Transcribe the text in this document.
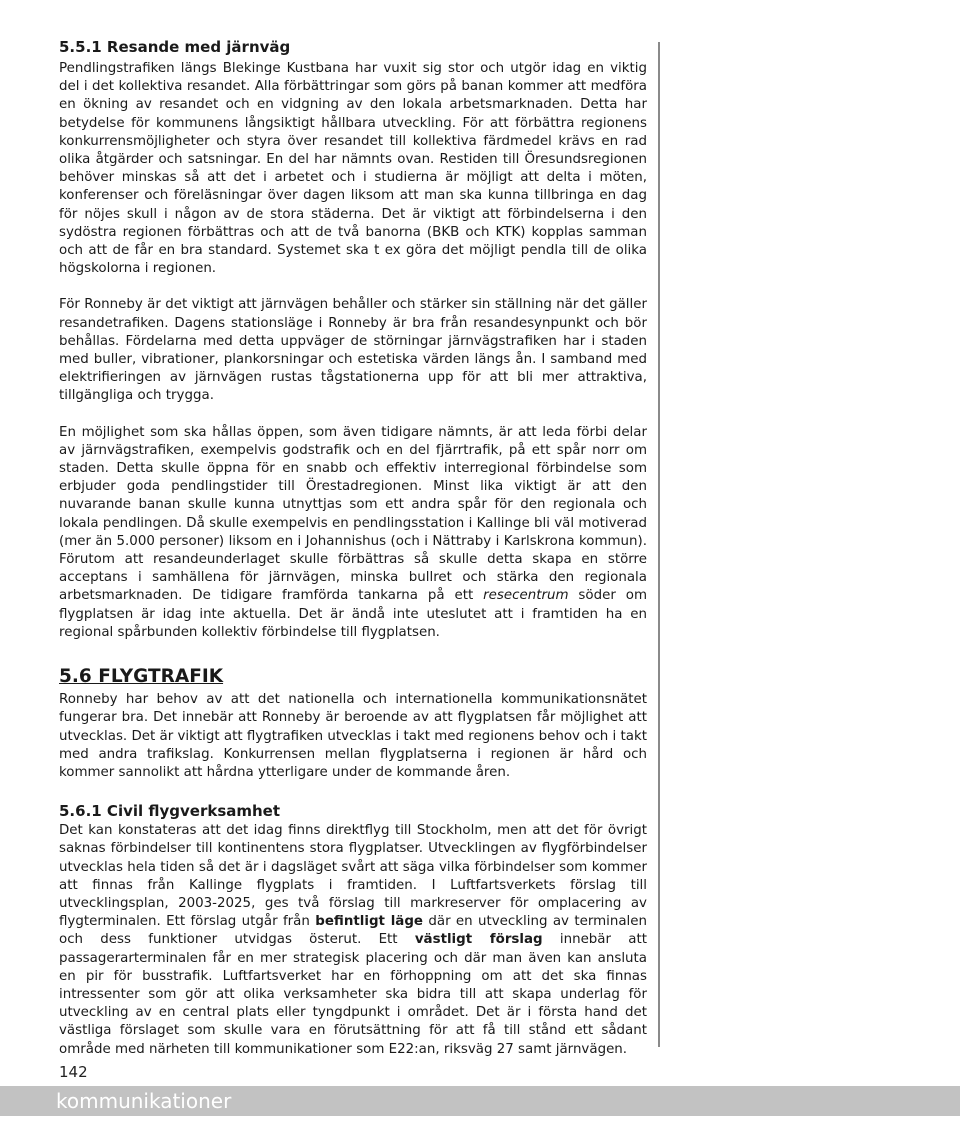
5.5.1 Resande med järnväg

Pendlingstrafiken längs Blekinge Kustbana har vuxit sig stor och utgör idag en viktig del i det kollektiva resandet. Alla förbättringar som görs på banan kommer att medföra en ökning av resandet och en vidgning av den lokala arbetsmarknaden. Detta har betydelse för kommunens långsiktigt hållbara utveckling. För att förbättra regionens konkurrensmöjligheter och styra över resandet till kollektiva färdmedel krävs en rad olika åtgärder och satsningar. En del har nämnts ovan. Restiden till Öresundsregionen behöver minskas så att det i arbetet och i studierna är möjligt att delta i möten, konferenser och föreläsningar över dagen liksom att man ska kunna tillbringa en dag för nöjes skull i någon av de stora städerna. Det är viktigt att förbindelserna i den sydöstra regionen förbättras och att de två banorna (BKB och KTK) kopplas samman och att de får en bra standard. Systemet ska t ex göra det möjligt pendla till de olika högskolorna i regionen.

För Ronneby är det viktigt att järnvägen behåller och stärker sin ställning när det gäller resandetrafiken. Dagens stationsläge i Ronneby är bra från resandesynpunkt och bör behållas. Fördelarna med detta uppväger de störningar järnvägstrafiken har i staden med buller, vibrationer, plankorsningar och estetiska värden längs ån. I samband med elektrifieringen av järnvägen rustas tågstationerna upp för att bli mer attraktiva, tillgängliga och trygga.

En möjlighet som ska hållas öppen, som även tidigare nämnts, är att leda förbi delar av järnvägstrafiken, exempelvis godstrafik och en del fjärrtrafik, på ett spår norr om staden. Detta skulle öppna för en snabb och effektiv interregional förbindelse som erbjuder goda pendlingstider till Örestadregionen. Minst lika viktigt är att den nuvarande banan skulle kunna utnyttjas som ett andra spår för den regionala och lokala pendlingen. Då skulle exempelvis en pendlingsstation i Kallinge bli väl motiverad (mer än 5.000 personer) liksom en i Johannishus (och i Nättraby i Karlskrona kommun). Förutom att resandeunderlaget skulle förbättras så skulle detta skapa en större acceptans i samhällena för järnvägen, minska bullret och stärka den regionala arbetsmarknaden. De tidigare framförda tankarna på ett resecentrum söder om flygplatsen är idag inte aktuella. Det är ändå inte uteslutet att i framtiden ha en regional spårbunden kollektiv förbindelse till flygplatsen.

5.6 FLYGTRAFIK

Ronneby har behov av att det nationella och internationella kommunikationsnätet fungerar bra. Det innebär att Ronneby är beroende av att flygplatsen får möjlighet att utvecklas. Det är viktigt att flygtrafiken utvecklas i takt med regionens behov och i takt med andra trafikslag. Konkurrensen mellan flygplatserna i regionen är hård och kommer sannolikt att hårdna ytterligare under de kommande åren.

5.6.1 Civil flygverksamhet

Det kan konstateras att det idag finns direktflyg till Stockholm, men att det för övrigt saknas förbindelser till kontinentens stora flygplatser. Utvecklingen av flygförbindelser utvecklas hela tiden så det är i dagsläget svårt att säga vilka förbindelser som kommer att finnas från Kallinge flygplats i framtiden. I Luftfartsverkets förslag till utvecklingsplan, 2003-2025, ges två förslag till markreserver för omplacering av flygterminalen. Ett förslag utgår från befintligt läge där en utveckling av terminalen och dess funktioner utvidgas österut. Ett västligt förslag innebär att passagerarterminalen får en mer strategisk placering och där man även kan ansluta en pir för busstrafik. Luftfartsverket har en förhoppning om att det ska finnas intressenter som gör att olika verksamheter ska bidra till att skapa underlag för utveckling av en central plats eller tyngdpunkt i området. Det är i första hand det västliga förslaget som skulle vara en förutsättning för att få till stånd ett sådant område med närheten till kommunikationer som E22:an, riksväg 27 samt järnvägen.

142
kommunikationer
